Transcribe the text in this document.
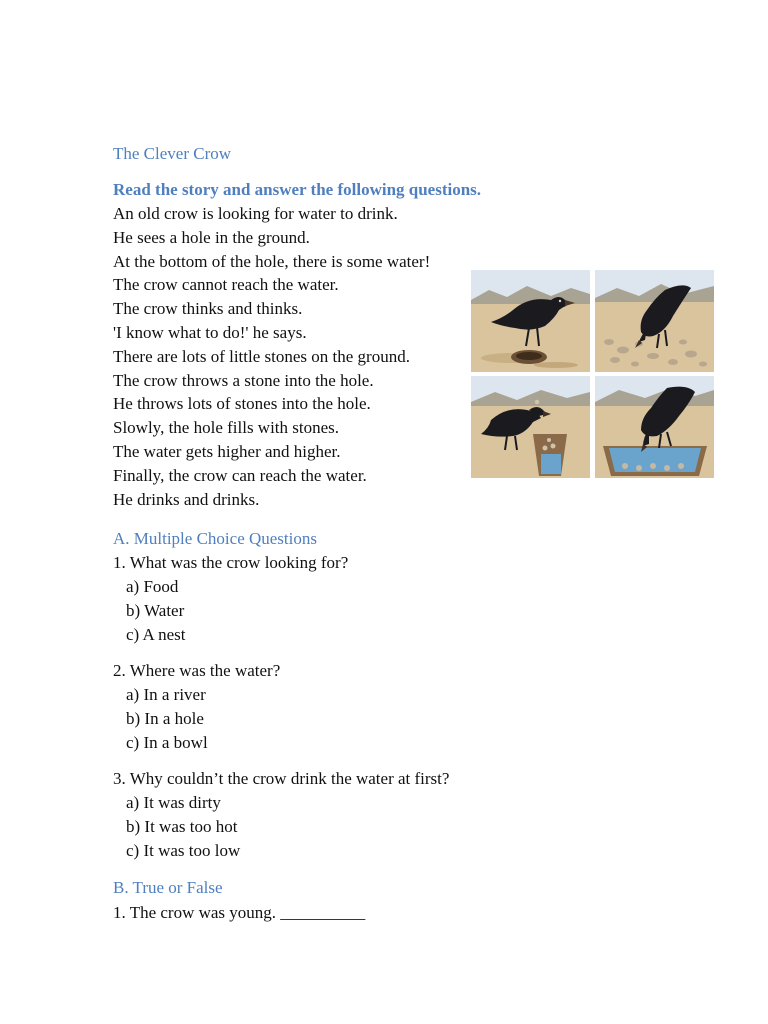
The Clever Crow

Read the story and answer the following questions.

An old crow is looking for water to drink.
He sees a hole in the ground.
At the bottom of the hole, there is some water!
The crow cannot reach the water.
The crow thinks and thinks.
'I know what to do!' he says.
There are lots of little stones on the ground.
The crow throws a stone into the hole.
He throws lots of stones into the hole.
Slowly, the hole fills with stones.
The water gets higher and higher.
Finally, the crow can reach the water.
He drinks and drinks.
A. Multiple Choice Questions
1. What was the crow looking for?
a) Food
b) Water
c) A nest
2. Where was the water?
a) In a river
b) In a hole
c) In a bowl
3. Why couldn’t the crow drink the water at first?
a) It was dirty
b) It was too hot
c) It was too low
B. True or False

1. The crow was young. __________
